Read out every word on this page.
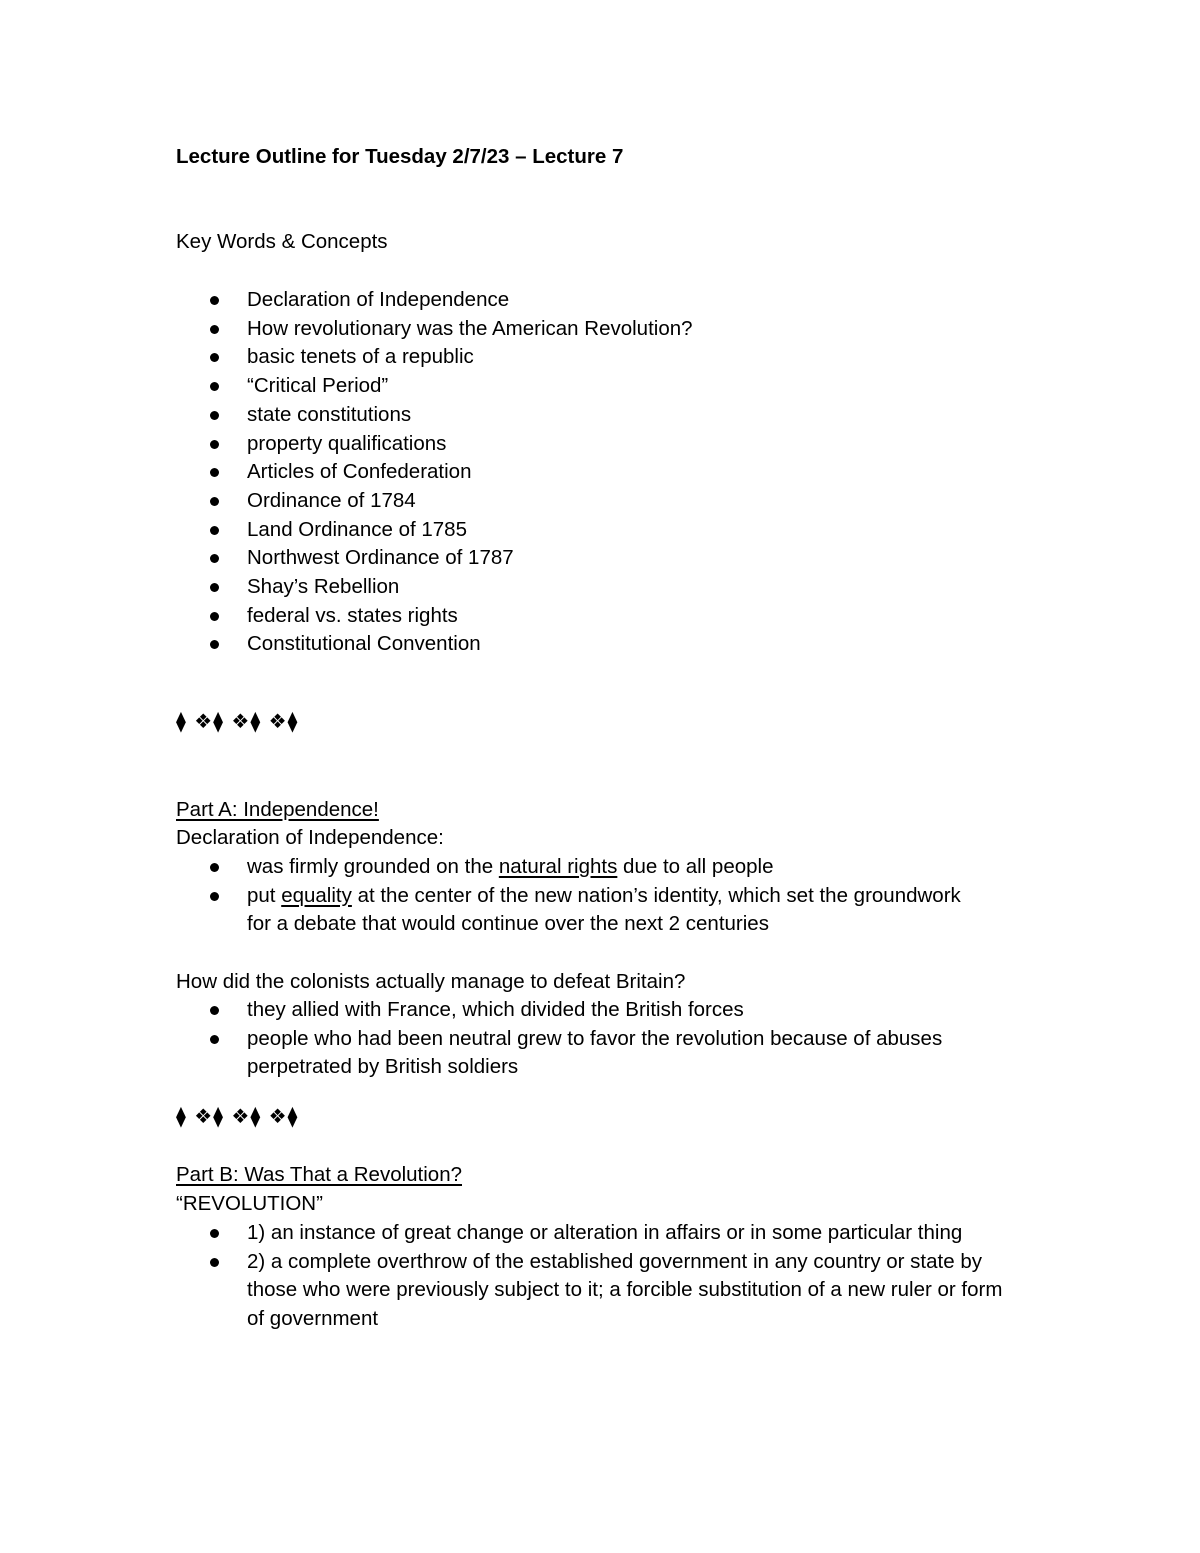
Lecture Outline for Tuesday 2/7/23 – Lecture 7
Key Words & Concepts
Declaration of Independence
How revolutionary was the American Revolution?
basic tenets of a republic
“Critical Period”
state constitutions
property qualifications
Articles of Confederation
Ordinance of 1784
Land Ordinance of 1785
Northwest Ordinance of 1787
Shay’s Rebellion
federal vs. states rights
Constitutional Convention
⧫ ❖⧫ ❖⧫ ❖⧫
Part A: Independence!
Declaration of Independence:
was firmly grounded on the natural rights due to all people
put equality at the center of the new nation’s identity, which set the groundwork for a debate that would continue over the next 2 centuries
How did the colonists actually manage to defeat Britain?
they allied with France, which divided the British forces
people who had been neutral grew to favor the revolution because of abuses perpetrated by British soldiers
⧫ ❖⧫ ❖⧫ ❖⧫
Part B: Was That a Revolution?
“REVOLUTION”
1) an instance of great change or alteration in affairs or in some particular thing
2) a complete overthrow of the established government in any country or state by those who were previously subject to it; a forcible substitution of a new ruler or form of government
